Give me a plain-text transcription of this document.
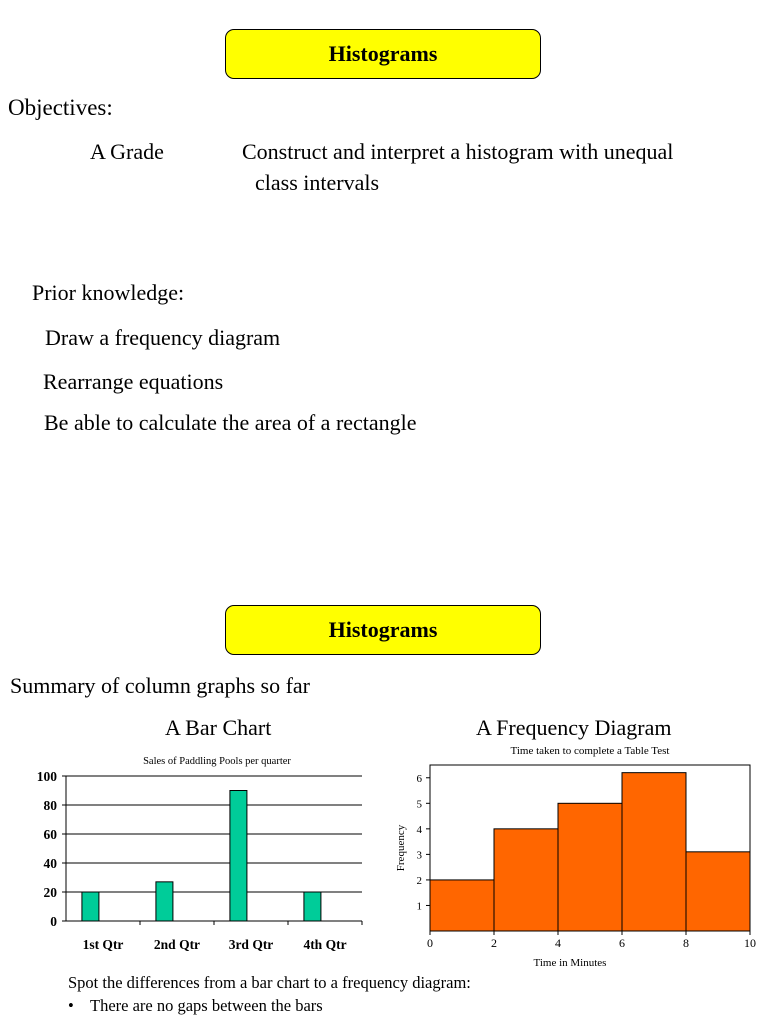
Histograms
Objectives:
A Grade	Construct and interpret a histogram with unequal
class intervals
Prior knowledge:
Draw a frequency diagram
Rearrange equations
Be able to calculate the area of a rectangle
Histograms
Summary of column graphs so far
A Bar Chart	A Frequency Diagram
Sales of Paddling Pools per quarter
0
20
40
60
80
100
1st Qtr 2nd Qtr 3rd Qtr 4th Qtr
Time taken to complete a Table Test
1
2
3
4
5
6
0	2	4	6	8	10
Time in Minutes
Frequency
Spot the differences from a bar chart to a frequency diagram:
• There are no gaps between the bars
